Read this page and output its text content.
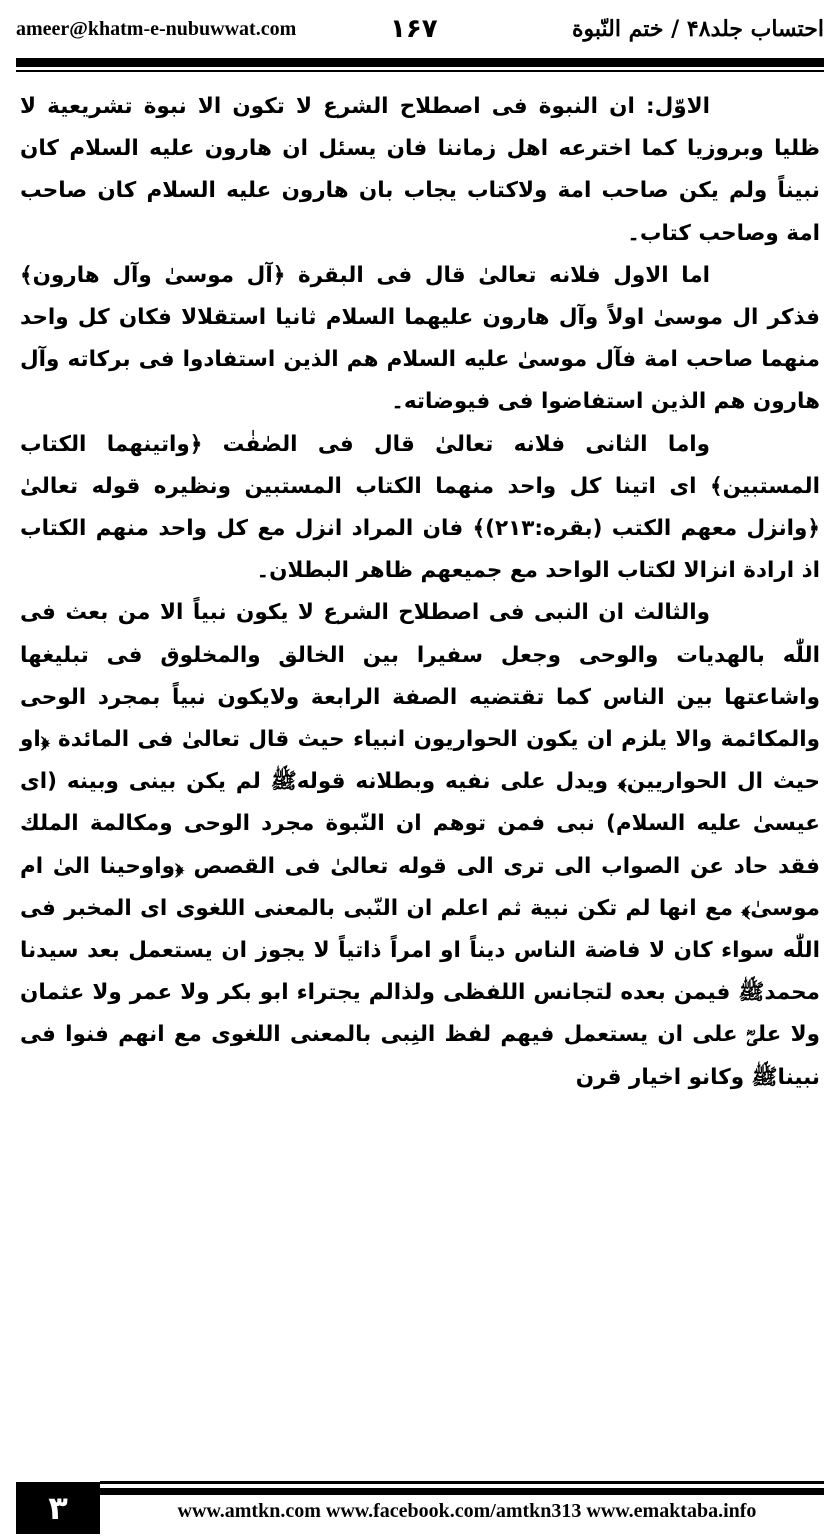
ameer@khatm-e-nubuwwat.com	۱۶۷	احتساب جلد۴۸ / ختم النّبوة

الاوّل: ان النبوة فى اصطلاح الشرع لا تكون الا نبوة تشريعية لا ظليا وبروزيا كما اخترعه اهل زماننا فان يسئل ان هارون عليه السلام كان نبيناً ولم يكن صاحب امة ولاكتاب يجاب بان هارون عليه السلام كان صاحب امة وصاحب كتاب۔

اما الاول فلانه تعالىٰ قال فى البقرة ﴿آل موسىٰ وآل هارون﴾ فذكر ال موسىٰ اولاً وآل هارون عليهما السلام ثانيا استقلالا فكان كل واحد منهما صاحب امة فآل موسىٰ عليه السلام هم الذين استفادوا فى بركاته وآل هارون هم الذين استفاضوا فى فيوضاته۔

واما الثانى فلانه تعالىٰ قال فى الصٰفٰت ﴿واتينهما الكتاب المستبين﴾ اى اتينا كل واحد منهما الكتاب المستبين ونظيره قوله تعالىٰ ﴿وانزل معهم الكتب (بقره:۲۱۳)﴾ فان المراد انزل مع كل واحد منهم الكتاب اذ ارادة انزالا لكتاب الواحد مع جميعهم ظاهر البطلان۔

والثالث ان النبى فى اصطلاح الشرع لا يكون نبياً الا من بعث فى اللّٰه بالهديات والوحى وجعل سفيرا بين الخالق والمخلوق فى تبليغها واشاعتها بين الناس كما تقتضيه الصفة الرابعة ولايكون نبياً بمجرد الوحى والمكائمة والا يلزم ان يكون الحواريون انبياء حيث قال تعالىٰ فى المائدة ﴿او حيث ال الحواريين﴾ ويدل على نفيه وبطلانه قولهﷺ لم يكن بينى وبينه (اى عيسىٰ عليه السلام) نبى فمن توهم ان النّبوة مجرد الوحى ومكالمة الملك فقد حاد عن الصواب الى ترى الى قوله تعالىٰ فى القصص ﴿واوحينا الىٰ ام موسىٰ﴾ مع انها لم تكن نبية ثم اعلم ان النّبى بالمعنى اللغوى اى المخبر فى اللّٰه سواء كان لا فاضة الناس ديناً او امراً ذاتياً لا يجوز ان يستعمل بعد سيدنا محمدﷺ فيمن بعده لتجانس اللفظى ولذالم يجتراء ابو بكر ولا عمر ولا عثمان ولا علیؓ على ان يستعمل فيهم لفظ النِبى بالمعنى اللغوى مع انهم فنوا فى نبيناﷺ وكانو اخيار قرن

۳	www.amtkn.com www.facebook.com/amtkn313 www.emaktaba.info
